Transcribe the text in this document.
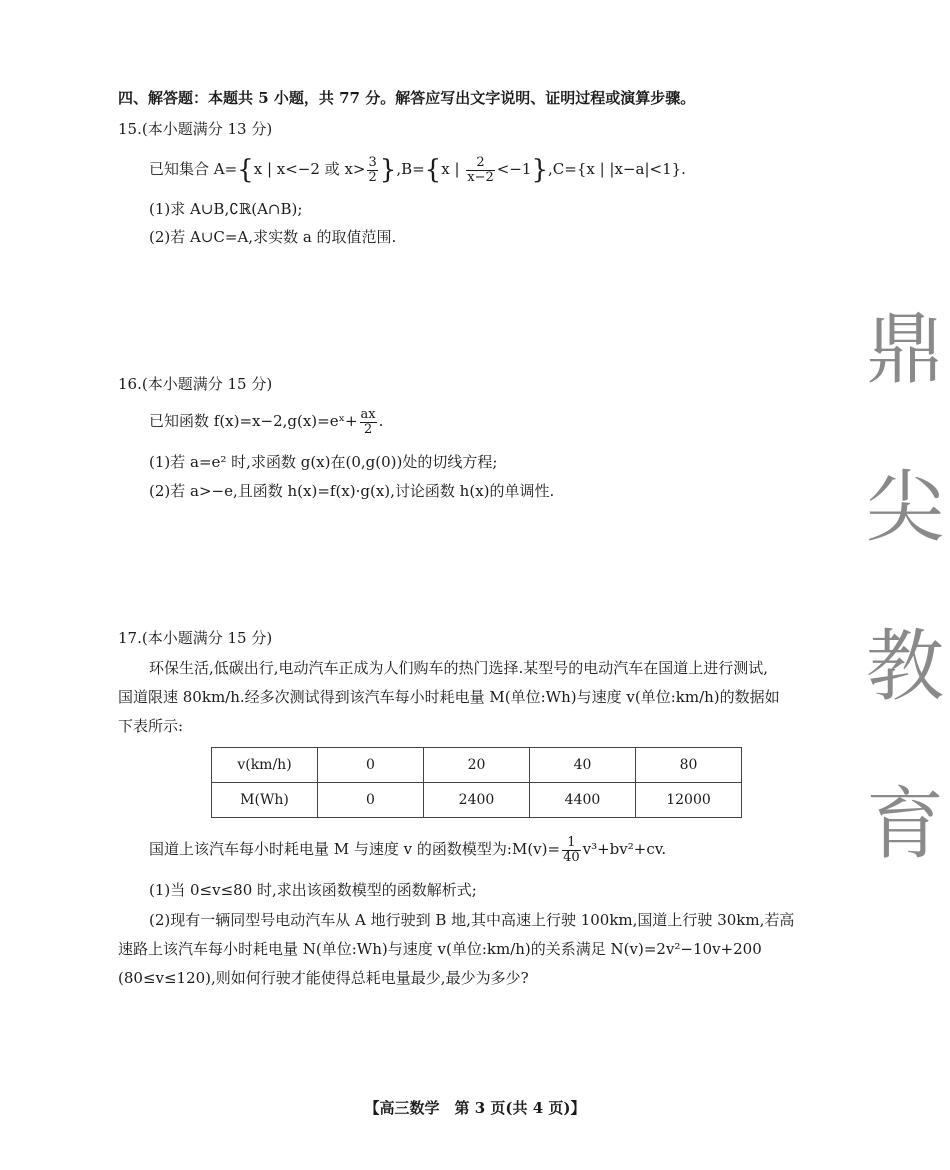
四、解答题：本题共 5 小题，共 77 分。解答应写出文字说明、证明过程或演算步骤。
15.(本小题满分 13 分)
已知集合 A={x | x<−2 或 $x> \frac{3}{2} \},B=\{x$ | $\frac{2}{x-2} <-1\},C=\{x$ | |x−a|<1}.
(1)求 A∪B,∁ℝ(A∩B);
(2)若 A∪C=A,求实数 a 的取值范围.
16.(本小题满分 15 分)
已知函数 f(x)=x−2,g(x)=eˣ+ $\frac{ax}{2}$ .
(1)若 a=e² 时,求函数 g(x)在(0,g(0))处的切线方程;
(2)若 a>−e,且函数 h(x)=f(x)·g(x),讨论函数 h(x)的单调性.
17.(本小题满分 15 分)
环保生活,低碳出行,电动汽车正成为人们购车的热门选择.某型号的电动汽车在国道上进行测试,
国道限速 80km/h.经多次测试得到该汽车每小时耗电量 M(单位:Wh)与速度 v(单位:km/h)的数据如
下表所示:
v(km/h)	0	20	40	80
M(Wh)	0	2400	4400	12000
国道上该汽车每小时耗电量 M 与速度 v 的函数模型为:M(v)= $\frac{1}{40} v^3+bv^2+cv$.
(1)当 0≤v≤80 时,求出该函数模型的函数解析式;
(2)现有一辆同型号电动汽车从 A 地行驶到 B 地,其中高速上行驶 100km,国道上行驶 30km,若高
速路上该汽车每小时耗电量 N(单位:Wh)与速度 v(单位:km/h)的关系满足 N(v)=2v²−10v+200
(80≤v≤120),则如何行驶才能使得总耗电量最少,最少为多少?
鼎
尖
教
育
【高三数学　第 3 页(共 4 页)】
